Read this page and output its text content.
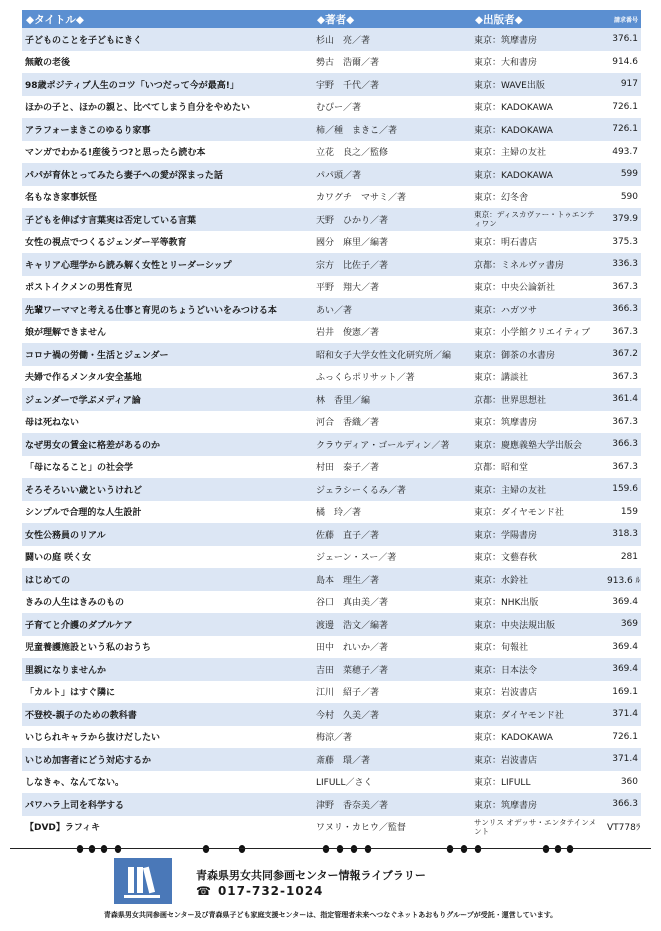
◆タイトル◆	◆著者◆	◆出版者◆	請求番号
子どものことを子どもにきく	杉山　亮／著	東京：筑摩書房	376.1
無敵の老後	勢古　浩爾／著	東京：大和書房	914.6
98歳ポジティブ人生のコツ「いつだって今が最高!」	宇野　千代／著	東京：WAVE出版	917
ほかの子と、ほかの親と、比べてしまう自分をやめたい	むぴー／著	東京：KADOKAWA	726.1
アラフォーまきこのゆるり家事	柿／種　まきこ／著	東京：KADOKAWA	726.1
マンガでわかる!産後うつ?と思ったら読む本	立花　良之／監修	東京：主婦の友社	493.7
パパが育休とってみたら妻子への愛が深まった話	パパ頭／著	東京：KADOKAWA	599
名もなき家事妖怪	カワグチ　マサミ／著	東京：幻冬舎	590
子どもを伸ばす言葉実は否定している言葉	天野　ひかり／著	東京：ディスカヴァー・トゥエンティワン	379.9
女性の視点でつくるジェンダー平等教育	國分　麻里／編著	東京：明石書店	375.3
キャリア心理学から読み解く女性とリーダーシップ	宗方　比佐子／著	京都：ミネルヴァ書房	336.3
ポストイクメンの男性育児	平野　翔大／著	東京：中央公論新社	367.3
先輩ワーママと考える仕事と育児のちょうどいいをみつける本	あい／著	東京：ハガツサ	366.3
娘が理解できません	岩井　俊憲／著	東京：小学館クリエイティブ	367.3
コロナ禍の労働・生活とジェンダー	昭和女子大学女性文化研究所／編	東京：御茶の水書房	367.2
夫婦で作るメンタル安全基地	ふっくらポリサット／著	東京：講談社	367.3
ジェンダーで学ぶメディア論	林　香里／編	京都：世界思想社	361.4
母は死ねない	河合　香織／著	東京：筑摩書房	367.3
なぜ男女の賃金に格差があるのか	クラウディア・ゴールディン／著	東京：慶應義塾大学出版会	366.3
「母になること」の社会学	村田　泰子／著	京都：昭和堂	367.3
そろそろいい歳というけれど	ジェラシーくるみ／著	東京：主婦の友社	159.6
シンプルで合理的な人生設計	橘　玲／著	東京：ダイヤモンド社	159
女性公務員のリアル	佐藤　直子／著	東京：学陽書房	318.3
闘いの庭 咲く女	ジェーン・スー／著	東京：文藝春秋	281
はじめての	島本　理生／著	東京：水鈴社	913.6 ﾙ
きみの人生はきみのもの	谷口　真由美／著	東京：NHK出版	369.4
子育てと介護のダブルケア	渡邊　浩文／編著	東京：中央法規出版	369
児童養護施設という私のおうち	田中　れいか／著	東京：旬報社	369.4
里親になりませんか	吉田　菜穂子／著	東京：日本法令	369.4
「カルト」はすぐ隣に	江川　紹子／著	東京：岩波書店	169.1
不登校-親子のための教科書	今村　久美／著	東京：ダイヤモンド社	371.4
いじられキャラから抜けだしたい	梅涼／著	東京：KADOKAWA	726.1
いじめ加害者にどう対応するか	斎藤　環／著	東京：岩波書店	371.4
しなきゃ、なんてない。	LIFULL／さく	東京：LIFULL	360
パワハラ上司を科学する	津野　香奈美／著	東京：筑摩書房	366.3
【DVD】ラフィキ	ワヌリ・カヒウ／監督	サンリス オデッサ・エンタテインメント	VT778ﾗ
青森県男女共同参画センター情報ライブラリー
☎ 017-732-1024
青森県男女共同参画センター及び青森県子ども家庭支援センターは、指定管理者未来へつなぐネットあおもりグループが受託・運営しています。
